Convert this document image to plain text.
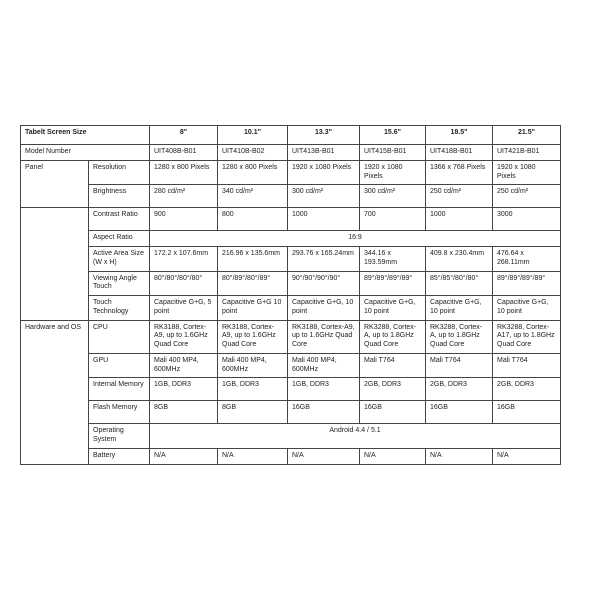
Tabelt Screen Size		8"	10.1"	13.3"	15.6"	18.5"	21.5"
Model Number		UIT408B-B01	UIT410B-B02	UIT413B-B01	UIT415B-B01	UIT418B-B01	UIT421B-B01
Panel	Resolution	1280 x 800 Pixels	1280 x 800 Pixels	1920 x 1080 Pixels	1920 x 1080 Pixels	1366 x 768 Pixels	1920 x 1080 Pixels
	Brightness	280 cd/m²	340 cd/m²	300 cd/m²	300 cd/m²	250 cd/m²	250 cd/m²
	Contrast Ratio	900	800	1000	700	1000	3000
	Aspect Ratio	16:9					
	Active Area Size (W x H)	172.2 x 107.6mm	216.96 x 135.6mm	293.76 x 165.24mm	344.16 x 193.59mm	409.8 x 230.4mm	476.64 x 268.11mm
	Viewing Angle Touch	80°/80°/80°/80°	80°/89°/80°/89°	90°/90°/90°/90°	89°/89°/89°/89°	85°/85°/80°/80°	89°/89°/89°/89°
	Touch Technology	Capacitive G+G, 5 point	Capacitive G+G 10 point	Capacitive G+G, 10 point	Capacitive G+G, 10 point	Capacitive G+G, 10 point	Capacitive G+G, 10 point
Hardware and OS	CPU	RK3188, Cortex-A9, up to 1.6GHz Quad Core	RK3188, Cortex-A9, up to 1.6GHz Quad Core	RK3188, Cortex-A9, up to 1.6GHz Quad Core	RK3288, Cortex-A, up to 1.8GHz Quad Core	RK3288, Cortex-A, up to 1.8GHz Quad Core	RK3288, Cortex-A17, up to 1.8GHz Quad Core
	GPU	Mali 400 MP4, 600MHz	Mali 400 MP4, 600MHz	Mali 400 MP4, 600MHz	Mali T764	Mali T764	Mali T764
	Internal Memory	1GB, DDR3	1GB, DDR3	1GB, DDR3	2GB, DDR3	2GB, DDR3	2GB, DDR3
	Flash Memory	8GB	8GB	16GB	16GB	16GB	16GB
	Operating System	Android 4.4 / 5.1					
	Battery	N/A	N/A	N/A	N/A	N/A	N/A
